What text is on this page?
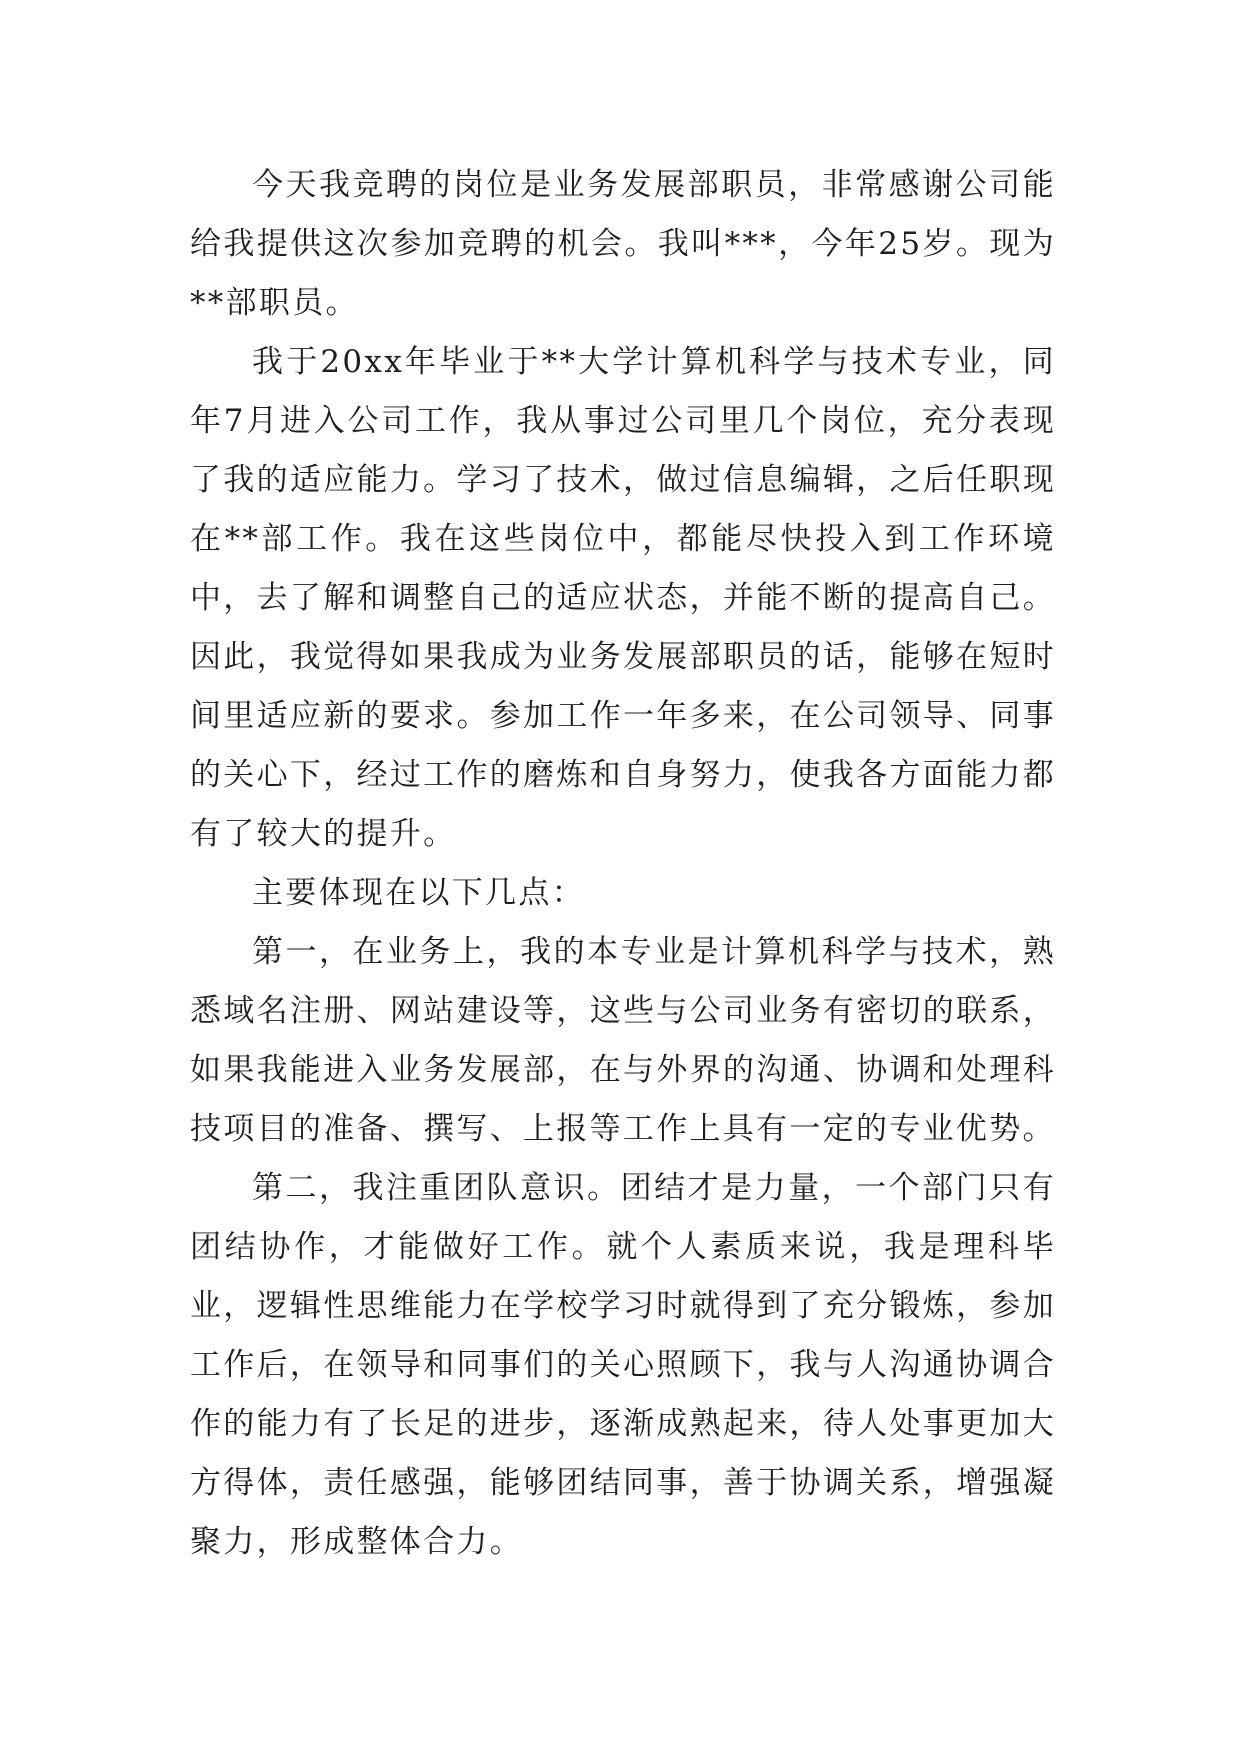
今天我竞聘的岗位是业务发展部职员，非常感谢公司能给我提供这次参加竞聘的机会。我叫***，今年25岁。现为**部职员。

我于20xx年毕业于**大学计算机科学与技术专业，同年7月进入公司工作，我从事过公司里几个岗位，充分表现了我的适应能力。学习了技术，做过信息编辑，之后任职现在**部工作。我在这些岗位中，都能尽快投入到工作环境中，去了解和调整自己的适应状态，并能不断的提高自己。因此，我觉得如果我成为业务发展部职员的话，能够在短时间里适应新的要求。参加工作一年多来，在公司领导、同事的关心下，经过工作的磨炼和自身努力，使我各方面能力都有了较大的提升。

主要体现在以下几点：

第一，在业务上，我的本专业是计算机科学与技术，熟悉域名注册、网站建设等，这些与公司业务有密切的联系，如果我能进入业务发展部，在与外界的沟通、协调和处理科技项目的准备、撰写、上报等工作上具有一定的专业优势。

第二，我注重团队意识。团结才是力量，一个部门只有团结协作，才能做好工作。就个人素质来说，我是理科毕业，逻辑性思维能力在学校学习时就得到了充分锻炼，参加工作后，在领导和同事们的关心照顾下，我与人沟通协调合作的能力有了长足的进步，逐渐成熟起来，待人处事更加大方得体，责任感强，能够团结同事，善于协调关系，增强凝聚力，形成整体合力。
